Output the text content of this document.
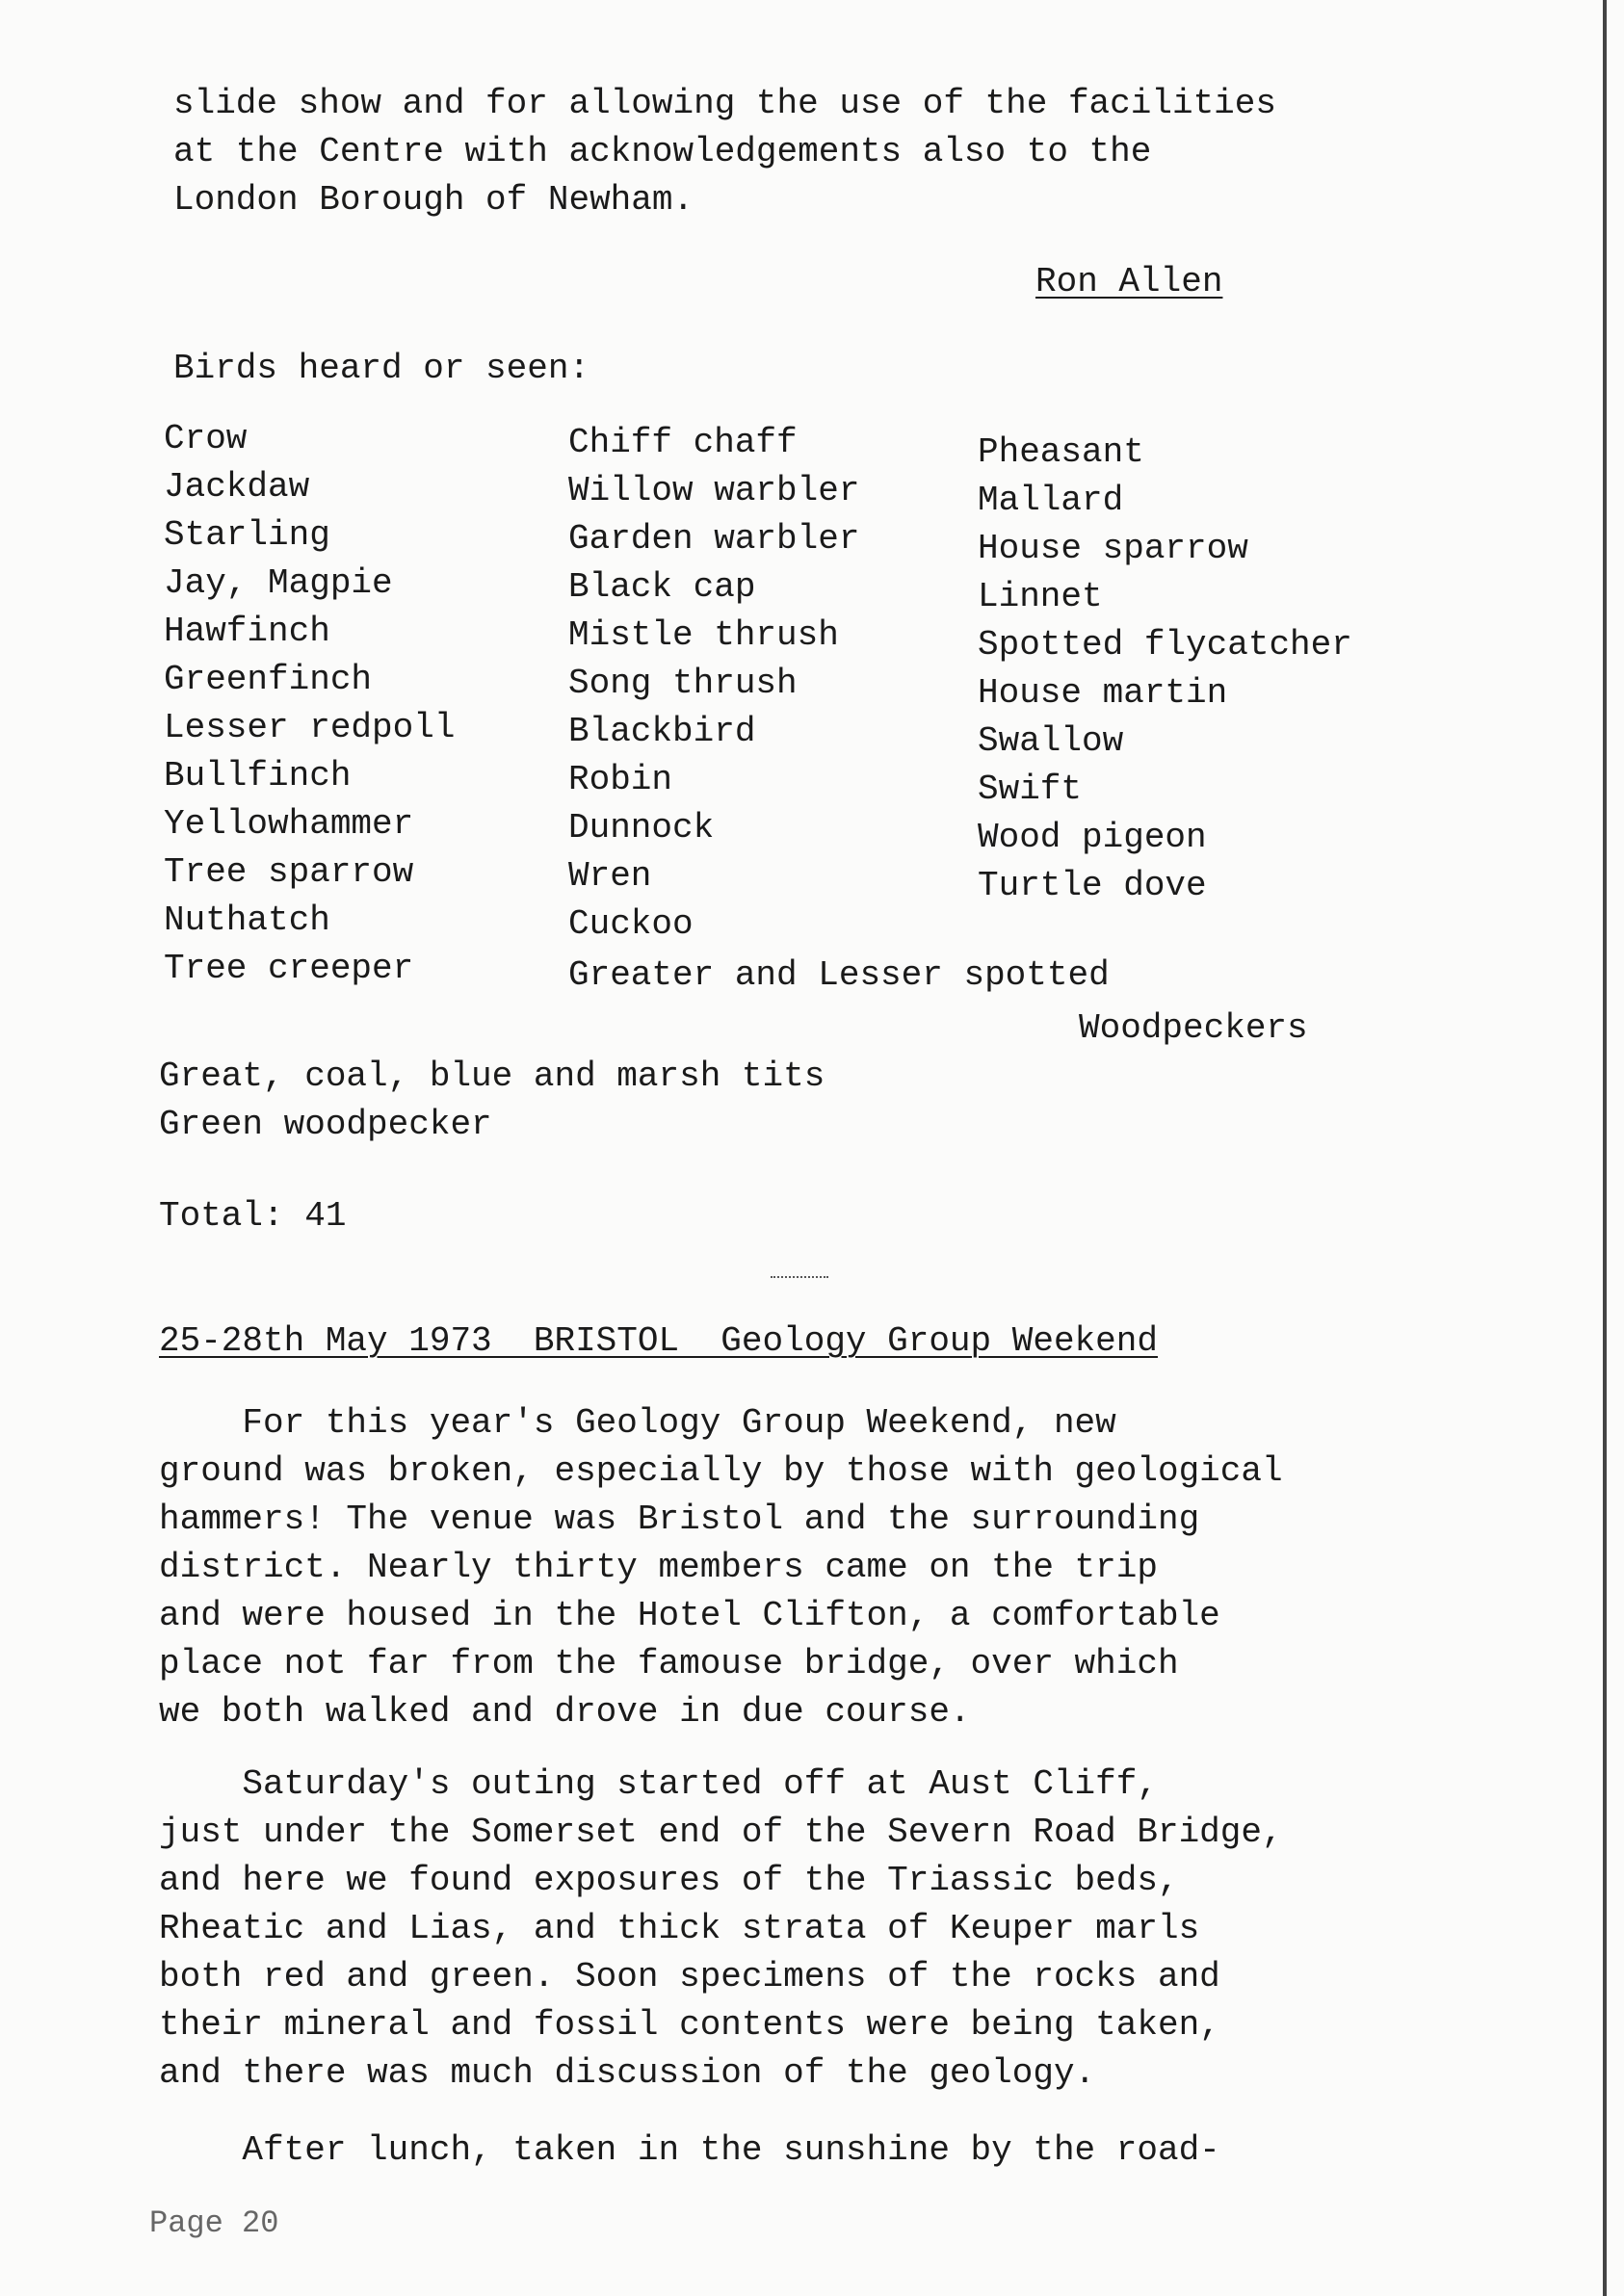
slide show and for allowing the use of the facilities
at the Centre with acknowledgements also to the
London Borough of Newham.
Ron Allen
Birds heard or seen:
Crow
Jackdaw
Starling
Jay, Magpie
Hawfinch
Greenfinch
Lesser redpoll
Bullfinch
Yellowhammer
Tree sparrow
Nuthatch
Tree creeper
Chiff chaff
Willow warbler
Garden warbler
Black cap
Mistle thrush
Song thrush
Blackbird
Robin
Dunnock
Wren
Cuckoo
Pheasant
Mallard
House sparrow
Linnet
Spotted flycatcher
House martin
Swallow
Swift
Wood pigeon
Turtle dove
Greater and Lesser spotted
Woodpeckers
Great, coal, blue and marsh tits
Green woodpecker
Total: 41
25-28th May 1973  BRISTOL  Geology Group Weekend
For this year's Geology Group Weekend, new
ground was broken, especially by those with geological
hammers! The venue was Bristol and the surrounding
district. Nearly thirty members came on the trip
and were housed in the Hotel Clifton, a comfortable
place not far from the famouse bridge, over which
we both walked and drove in due course.
Saturday's outing started off at Aust Cliff,
just under the Somerset end of the Severn Road Bridge,
and here we found exposures of the Triassic beds,
Rheatic and Lias, and thick strata of Keuper marls
both red and green. Soon specimens of the rocks and
their mineral and fossil contents were being taken,
and there was much discussion of the geology.
After lunch, taken in the sunshine by the road-
Page 20
